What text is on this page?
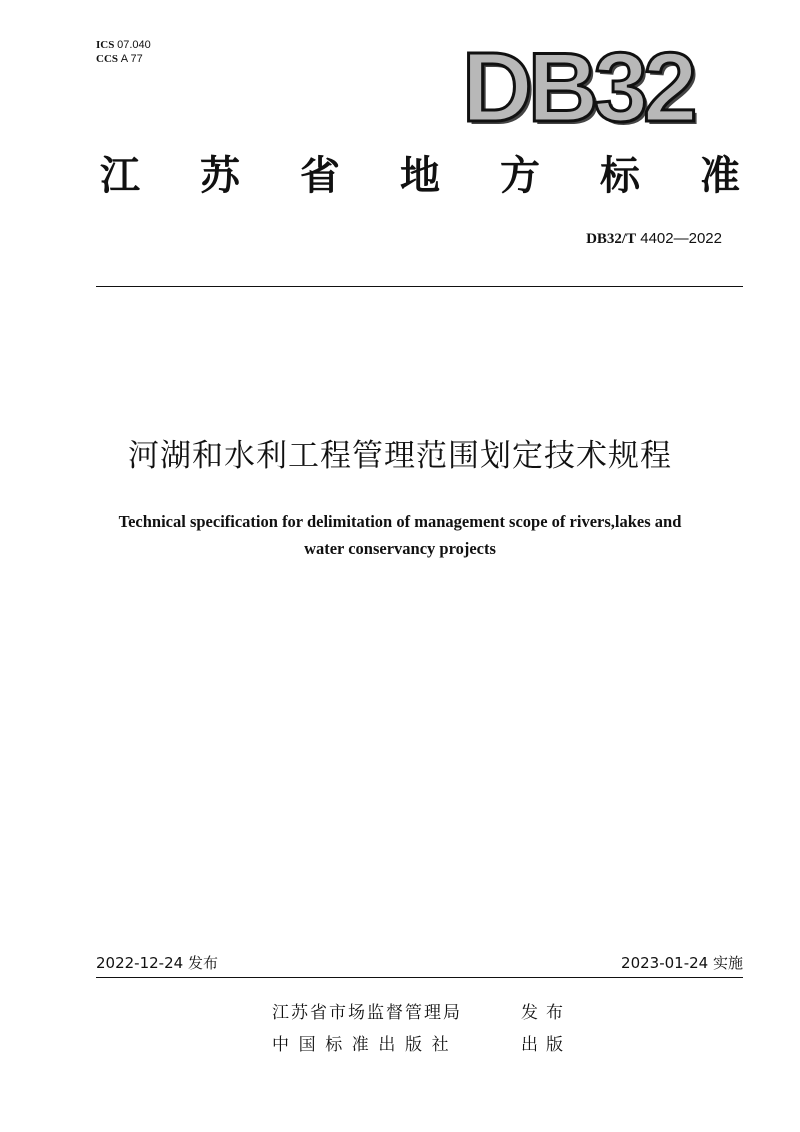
ICS 07.040
CCS A 77	DB32
江 苏 省 地 方 标 准
DB32/T 4402—2022
河湖和水利工程管理范围划定技术规程
Technical specification for delimitation of management scope of rivers,lakes and
water conservancy projects
2022-12-24 发布	2023-01-24 实施
江苏省市场监督管理局	发布
中国标准出版社	出版
